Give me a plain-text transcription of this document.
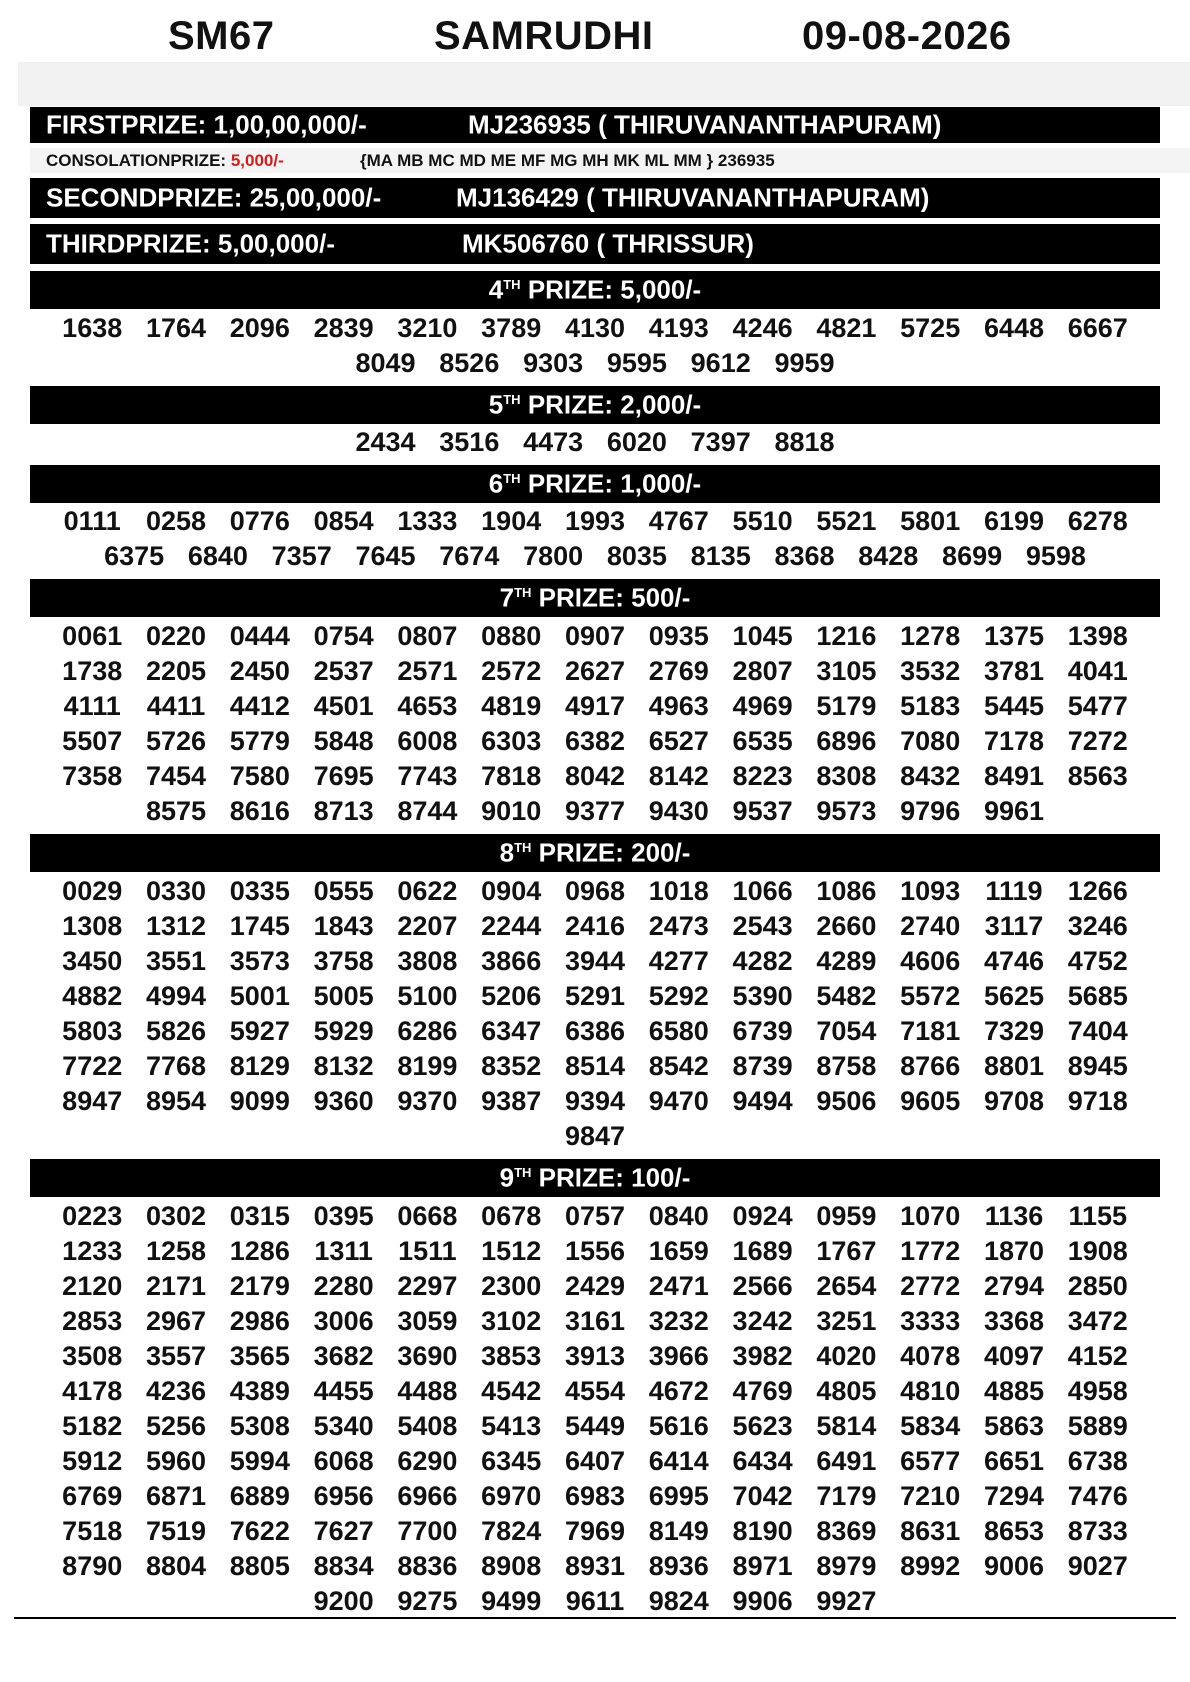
SM67	SAMRUDHI	09-08-2026
FIRSTPRIZE: 1,00,00,000/-	MJ236935 ( THIRUVANANTHAPURAM)
CONSOLATIONPRIZE: 5,000/-	{MA MB MC MD ME MF MG MH MK ML MM } 236935
SECONDPRIZE: 25,00,000/-	MJ136429 ( THIRUVANANTHAPURAM)
THIRDPRIZE: 5,00,000/-	MK506760 ( THRISSUR)
4TH PRIZE: 5,000/-
1638 1764 2096 2839 3210 3789 4130 4193 4246 4821 5725 6448 6667
8049 8526 9303 9595 9612 9959
5TH PRIZE: 2,000/-
2434 3516 4473 6020 7397 8818
6TH PRIZE: 1,000/-
0111 0258 0776 0854 1333 1904 1993 4767 5510 5521 5801 6199 6278
6375 6840 7357 7645 7674 7800 8035 8135 8368 8428 8699 9598
7TH PRIZE: 500/-
0061 0220 0444 0754 0807 0880 0907 0935 1045 1216 1278 1375 1398
1738 2205 2450 2537 2571 2572 2627 2769 2807 3105 3532 3781 4041
4111 4411 4412 4501 4653 4819 4917 4963 4969 5179 5183 5445 5477
5507 5726 5779 5848 6008 6303 6382 6527 6535 6896 7080 7178 7272
7358 7454 7580 7695 7743 7818 8042 8142 8223 8308 8432 8491 8563
8575 8616 8713 8744 9010 9377 9430 9537 9573 9796 9961
8TH PRIZE: 200/-
0029 0330 0335 0555 0622 0904 0968 1018 1066 1086 1093 1119 1266
1308 1312 1745 1843 2207 2244 2416 2473 2543 2660 2740 3117 3246
3450 3551 3573 3758 3808 3866 3944 4277 4282 4289 4606 4746 4752
4882 4994 5001 5005 5100 5206 5291 5292 5390 5482 5572 5625 5685
5803 5826 5927 5929 6286 6347 6386 6580 6739 7054 7181 7329 7404
7722 7768 8129 8132 8199 8352 8514 8542 8739 8758 8766 8801 8945
8947 8954 9099 9360 9370 9387 9394 9470 9494 9506 9605 9708 9718
9847
9TH PRIZE: 100/-
0223 0302 0315 0395 0668 0678 0757 0840 0924 0959 1070 1136 1155
1233 1258 1286 1311 1511 1512 1556 1659 1689 1767 1772 1870 1908
2120 2171 2179 2280 2297 2300 2429 2471 2566 2654 2772 2794 2850
2853 2967 2986 3006 3059 3102 3161 3232 3242 3251 3333 3368 3472
3508 3557 3565 3682 3690 3853 3913 3966 3982 4020 4078 4097 4152
4178 4236 4389 4455 4488 4542 4554 4672 4769 4805 4810 4885 4958
5182 5256 5308 5340 5408 5413 5449 5616 5623 5814 5834 5863 5889
5912 5960 5994 6068 6290 6345 6407 6414 6434 6491 6577 6651 6738
6769 6871 6889 6956 6966 6970 6983 6995 7042 7179 7210 7294 7476
7518 7519 7622 7627 7700 7824 7969 8149 8190 8369 8631 8653 8733
8790 8804 8805 8834 8836 8908 8931 8936 8971 8979 8992 9006 9027
9200 9275 9499 9611 9824 9906 9927
